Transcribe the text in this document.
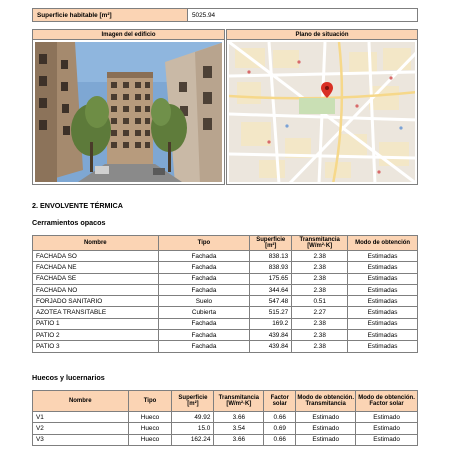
Superficie habitable [m²]	5025.94
Imagen del edificio	Plano de situación
2. ENVOLVENTE TÉRMICA
Cerramientos opacos
Nombre	Tipo	Superficie [m²]	Transmitancia [W/m²·K]	Modo de obtención
FACHADA SO	Fachada	838.13	2.38	Estimadas
FACHADA NE	Fachada	838.93	2.38	Estimadas
FACHADA SE	Fachada	175.65	2.38	Estimadas
FACHADA NO	Fachada	344.64	2.38	Estimadas
FORJADO SANITARIO	Suelo	547.48	0.51	Estimadas
AZOTEA TRANSITABLE	Cubierta	515.27	2.27	Estimadas
PATIO 1	Fachada	169.2	2.38	Estimadas
PATIO 2	Fachada	439.84	2.38	Estimadas
PATIO 3	Fachada	439.84	2.38	Estimadas
Huecos y lucernarios
Nombre	Tipo	Superficie [m²]	Transmitancia [W/m²·K]	Factor solar	Modo de obtención. Transmitancia	Modo de obtención. Factor solar
V1	Hueco	49.92	3.66	0.66	Estimado	Estimado
V2	Hueco	15.0	3.54	0.69	Estimado	Estimado
V3	Hueco	162.24	3.66	0.66	Estimado	Estimado
